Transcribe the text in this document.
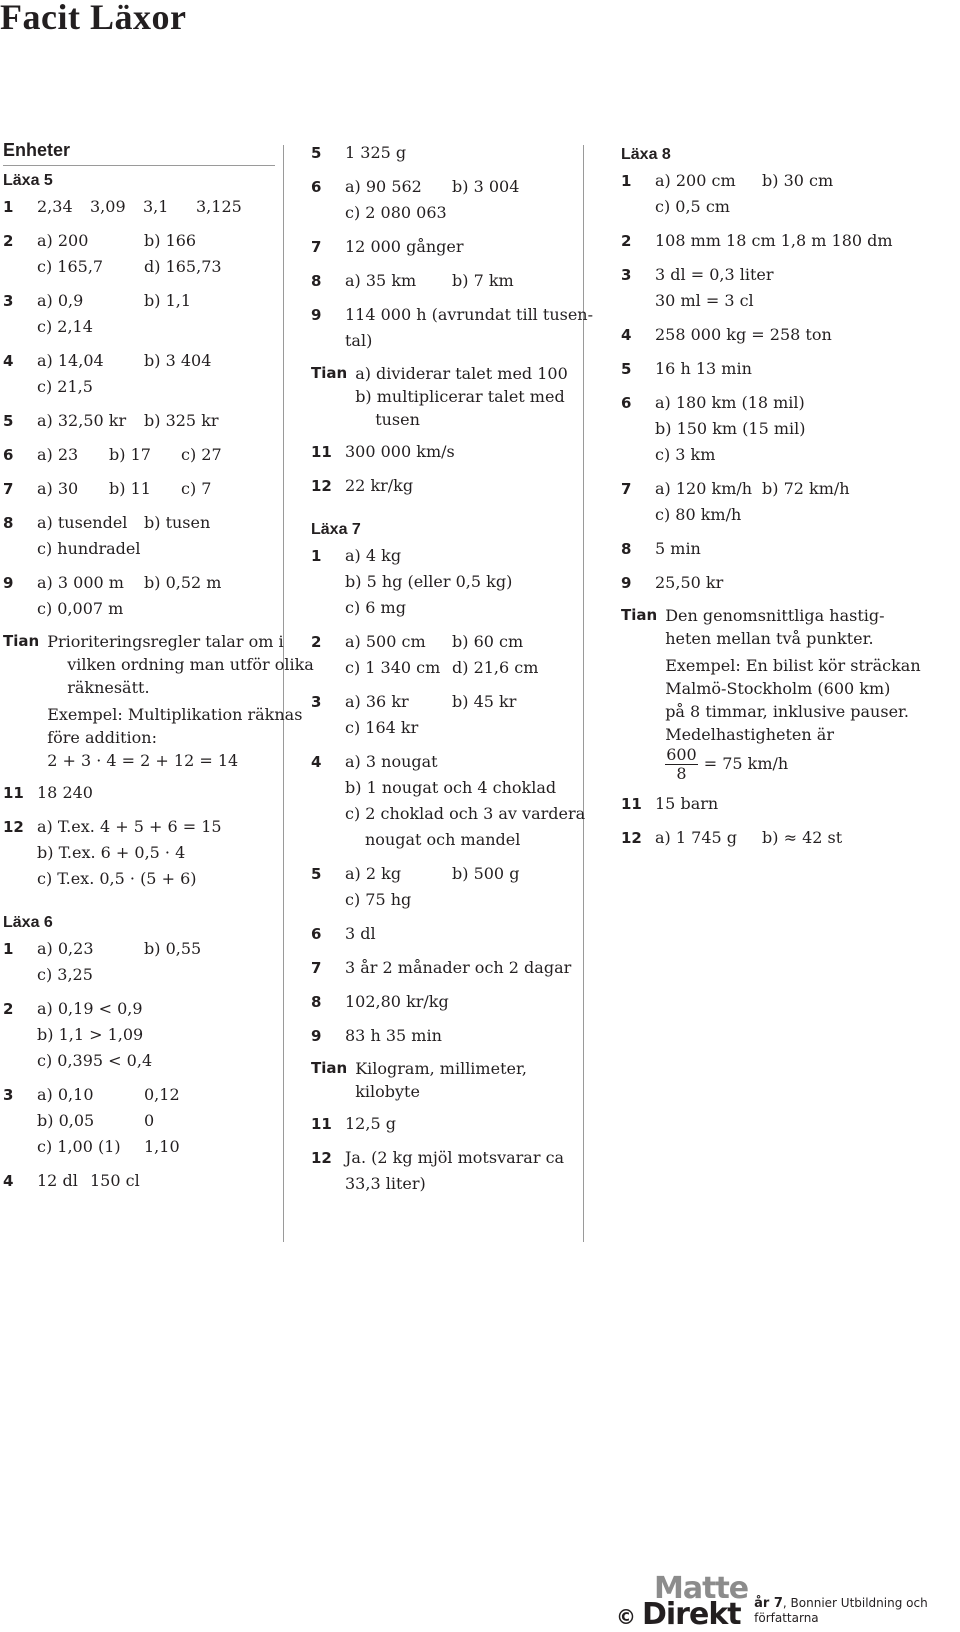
Facit Läxor
Enheter
Läxa 5
1	2,34 3,09 3,1 3,125
2	a) 200	b) 166
c) 165,7	d) 165,73
3	a) 0,9	b) 1,1
c) 2,14
4	a) 14,04	b) 3 404
c) 21,5
5	a) 32,50 kr b) 325 kr
6	a) 23 b) 17 c) 27
7	a) 30 b) 11 c) 7
8	a) tusendel b) tusen
c) hundradel
9	a) 3 000 m b) 0,52 m
c) 0,007 m
Tian Prioriteringsregler talar om i
vilken ordning man utför olika
räknesätt.
Exempel: Multiplikation räknas
före addition:
2 + 3 · 4 = 2 + 12 = 14
11 18 240
12 a) T.ex. 4 + 5 + 6 = 15
b) T.ex. 6 + 0,5 · 4
c) T.ex. 0,5 · (5 + 6)
Läxa 6
1	a) 0,23	b) 0,55
c) 3,25
2	a) 0,19 < 0,9
b) 1,1 > 1,09
c) 0,395 < 0,4
3	a) 0,10	0,12
b) 0,05	0
c) 1,00 (1) 1,10
4	12 dl 150 cl
5	1 325 g
6	a) 90 562 b) 3 004
c) 2 080 063
7	12 000 gånger
8	a) 35 km b) 7 km
9	114 000 h (avrundat till tusen-
tal)
Tian a) dividerar talet med 100
b) multiplicerar talet med
tusen
11 300 000 km/s
12 22 kr/kg
Läxa 7
1	a) 4 kg
b) 5 hg (eller 0,5 kg)
c) 6 mg
2	a) 500 cm b) 60 cm
c) 1 340 cm d) 21,6 cm
3	a) 36 kr	b) 45 kr
c) 164 kr
4	a) 3 nougat
b) 1 nougat och 4 choklad
c) 2 choklad och 3 av vardera
nougat och mandel
5	a) 2 kg	b) 500 g
c) 75 hg
6	3 dl
7	3 år 2 månader och 2 dagar
8	102,80 kr/kg
9	83 h 35 min
Tian Kilogram, millimeter,
kilobyte
11 12,5 g
12 Ja. (2 kg mjöl motsvarar ca
33,3 liter)
Läxa 8
1	a) 200 cm b) 30 cm
c) 0,5 cm
2	108 mm 18 cm 1,8 m 180 dm
3	3 dl = 0,3 liter
30 ml = 3 cl
4	258 000 kg = 258 ton
5	16 h 13 min
6	a) 180 km (18 mil)
b) 150 km (15 mil)
c) 3 km
7	a) 120 km/h b) 72 km/h
c) 80 km/h
8	5 min
9	25,50 kr
Tian Den genomsnittliga hastig-
heten mellan två punkter.
Exempel: En bilist kör sträckan
Malmö-Stockholm (600 km)
på 8 timmar, inklusive pauser.
Medelhastigheten är
$\frac{600}{8} = 75$ km/h
11 15 barn
12 a) 1 745 g b) ≈ 42 st
©
Matte
Direkt	år 7, Bonnier Utbildning och författarna
